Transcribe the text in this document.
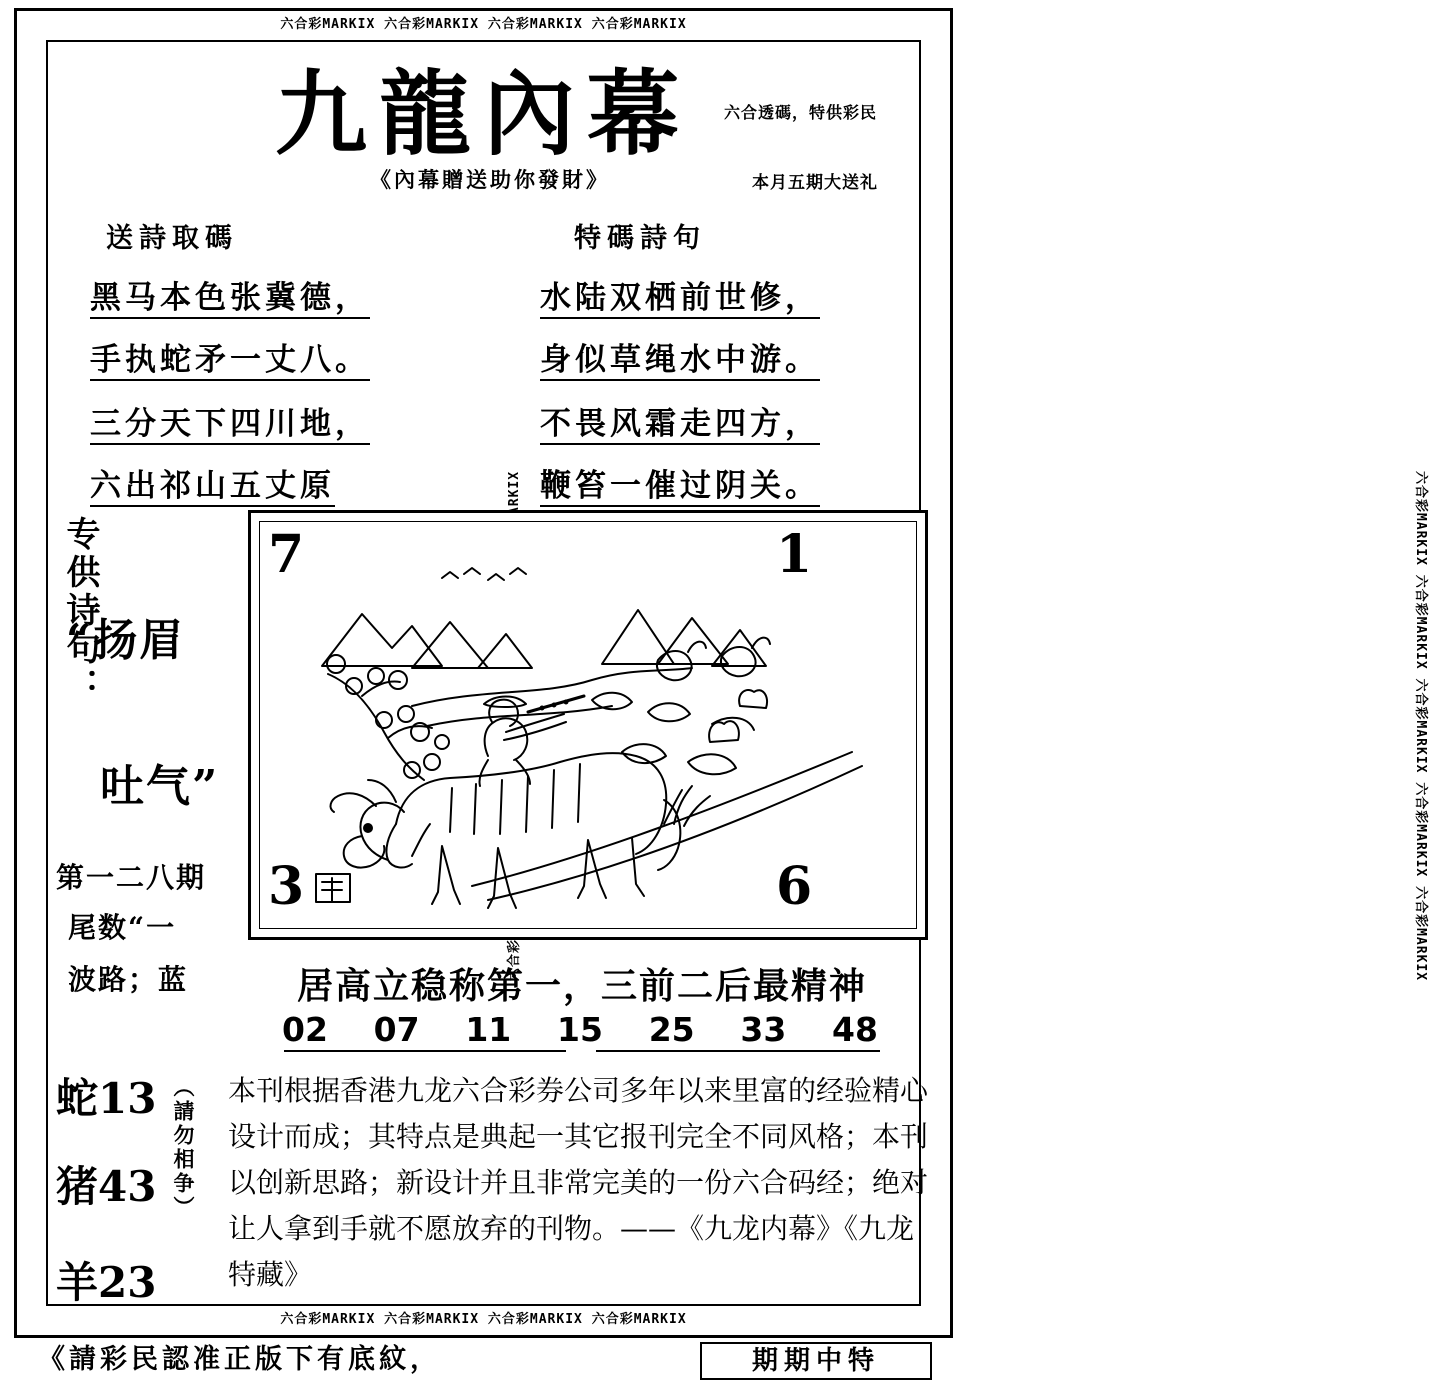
六合彩MARKIX 六合彩MARKIX 六合彩MARKIX 六合彩MARKIX
六合彩MARKIX 六合彩MARKIX 六合彩MARKIX 六合彩MARKIX
六合彩MARKIX 六合彩MARKIX 六合彩MARKIX 六合彩MARKIX 六合彩MARKIX
九龍內幕
《內幕贈送助你發財》
六合透碼，特供彩民
本月五期大送礼
送詩取碼	特碼詩句
黑马本色张冀德，
手执蛇矛一丈八。
三分天下四川地，
六出祁山五丈原
水陆双栖前世修，
身似草绳水中游。
不畏风霜走四方，
鞭笞一催过阴关。
专供诗句：
“扬眉
吐气”
第一二八期
尾数“一
波路；蓝
蛇13
猪43
羊23
（請勿相争）
7	1
3	6
居高立稳称第一，三前二后最精神
02 07 11 15 25 33 48
本刊根据香港九龙六合彩券公司多年以来里富的经验精心设计而成；其特点是典起一其它报刊完全不同风格；本刊以创新思路；新设计并且非常完美的一份六合码经；绝对让人拿到手就不愿放弃的刊物。——《九龙内幕》《九龙特藏》
《請彩民認准正版下有底紋，	期期中特
